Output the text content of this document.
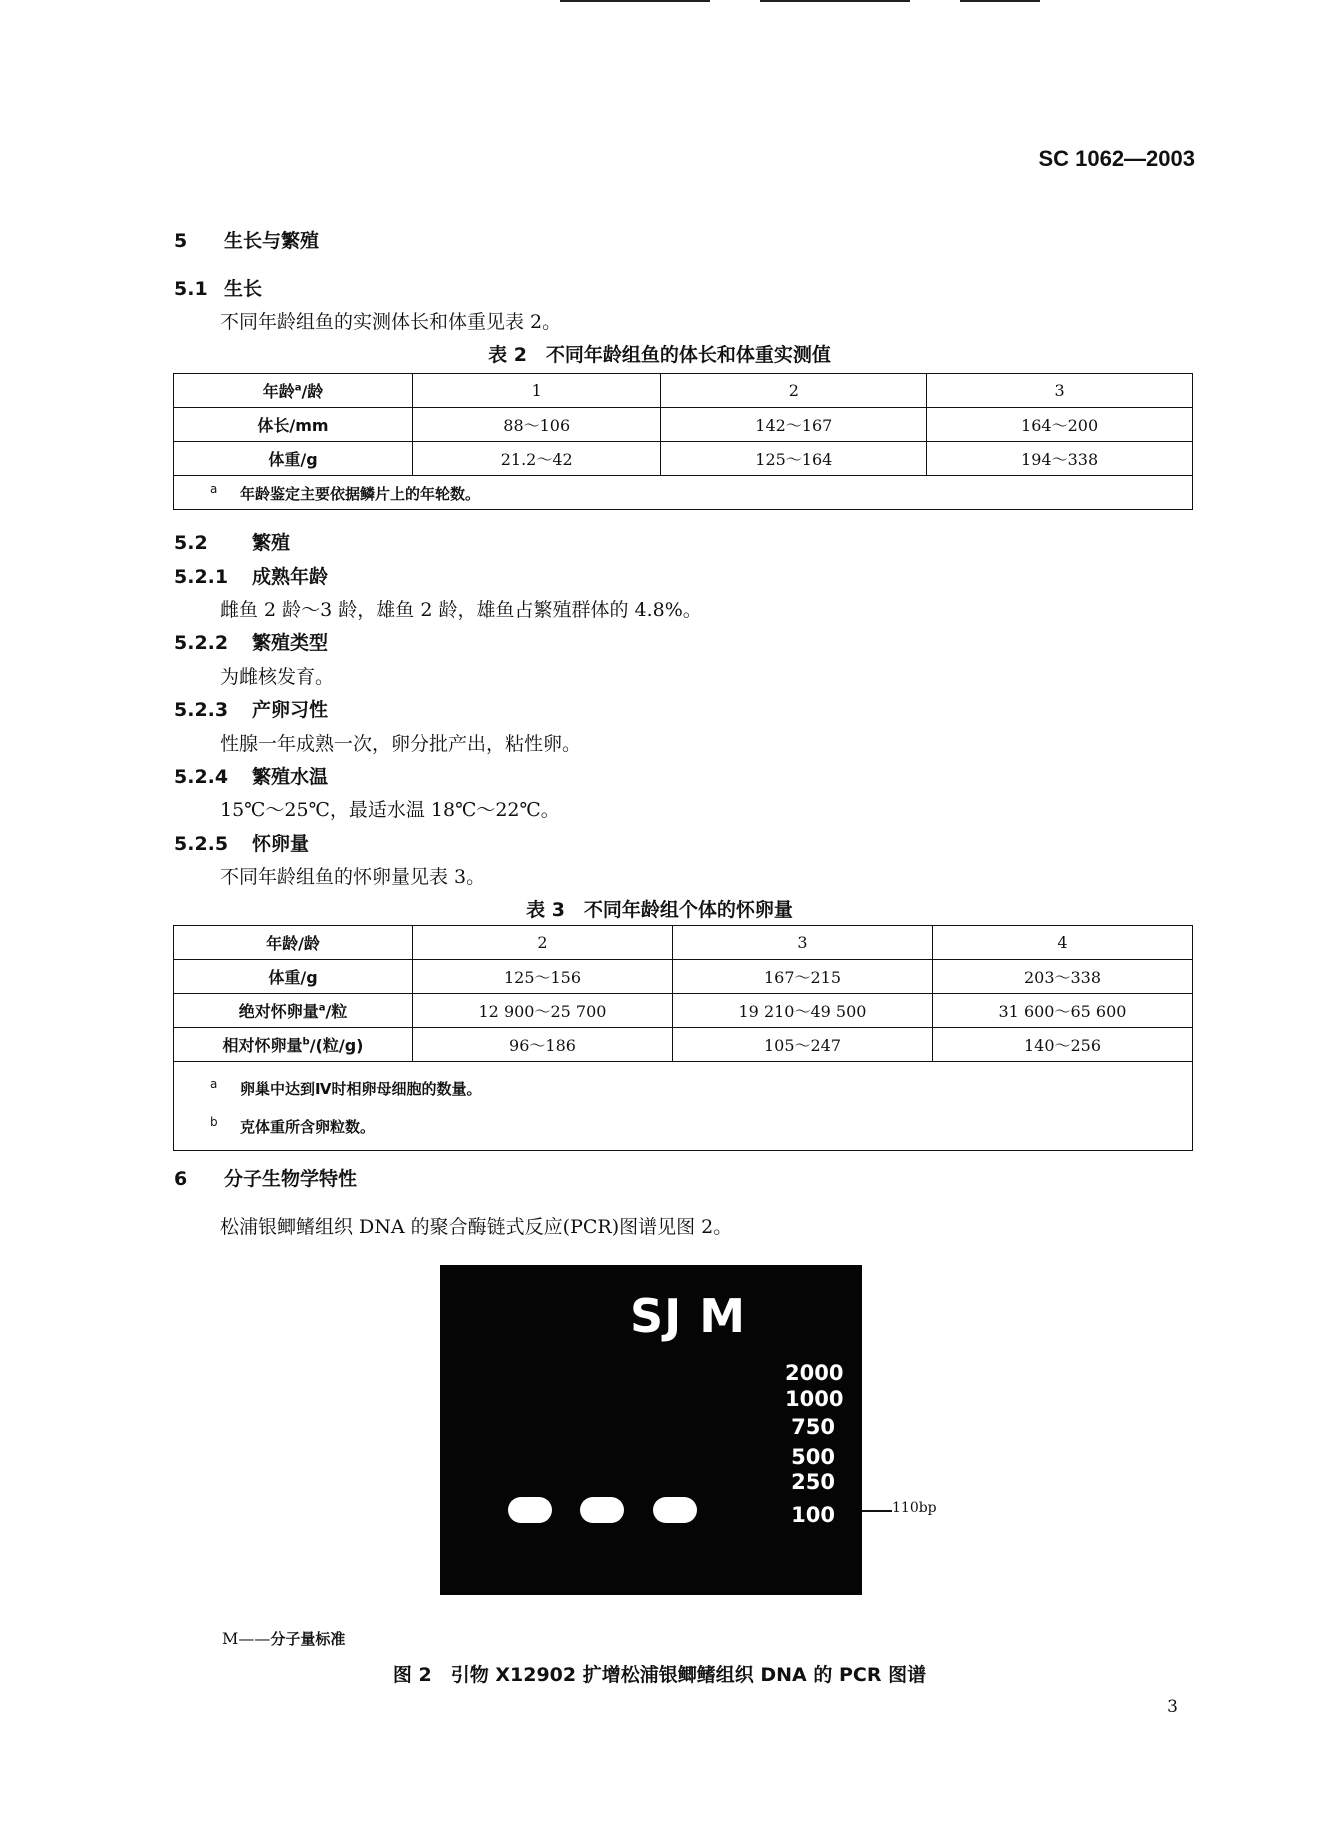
SC 1062—2003
5 生长与繁殖
5.1 生长
不同年龄组鱼的实测体长和体重见表 2。
表 2　不同年龄组鱼的体长和体重实测值
年龄$^a$/龄	1	2	3
体长/mm	88～106	142～167	164～200
体重/g	21.2～42	125～164	194～338
a 年龄鉴定主要依据鳞片上的年轮数。			
5.2 繁殖
5.2.1 成熟年龄
雌鱼 2 龄～3 龄，雄鱼 2 龄，雄鱼占繁殖群体的 4.8%。
5.2.2 繁殖类型
为雌核发育。
5.2.3 产卵习性
性腺一年成熟一次，卵分批产出，粘性卵。
5.2.4 繁殖水温
15℃～25℃，最适水温 18℃～22℃。
5.2.5 怀卵量
不同年龄组鱼的怀卵量见表 3。
表 3　不同年龄组个体的怀卵量
年龄/龄	2	3	4
体重/g	125～156	167～215	203～338
绝对怀卵量$^a$/粒	12 900～25 700	19 210～49 500	31 600～65 600
相对怀卵量$^b$/(粒/g)	96～186	105～247	140～256

a 卵巢中达到Ⅳ时相卵母细胞的数量。
b 克体重所含卵粒数。			
6 分子生物学特性
松浦银鲫鳍组织 DNA 的聚合酶链式反应(PCR)图谱见图 2。
SJ M
2000
1000
750
500
250
100	110bp
M——分子量标准
图 2　引物 X12902 扩增松浦银鲫鳍组织 DNA 的 PCR 图谱
3
